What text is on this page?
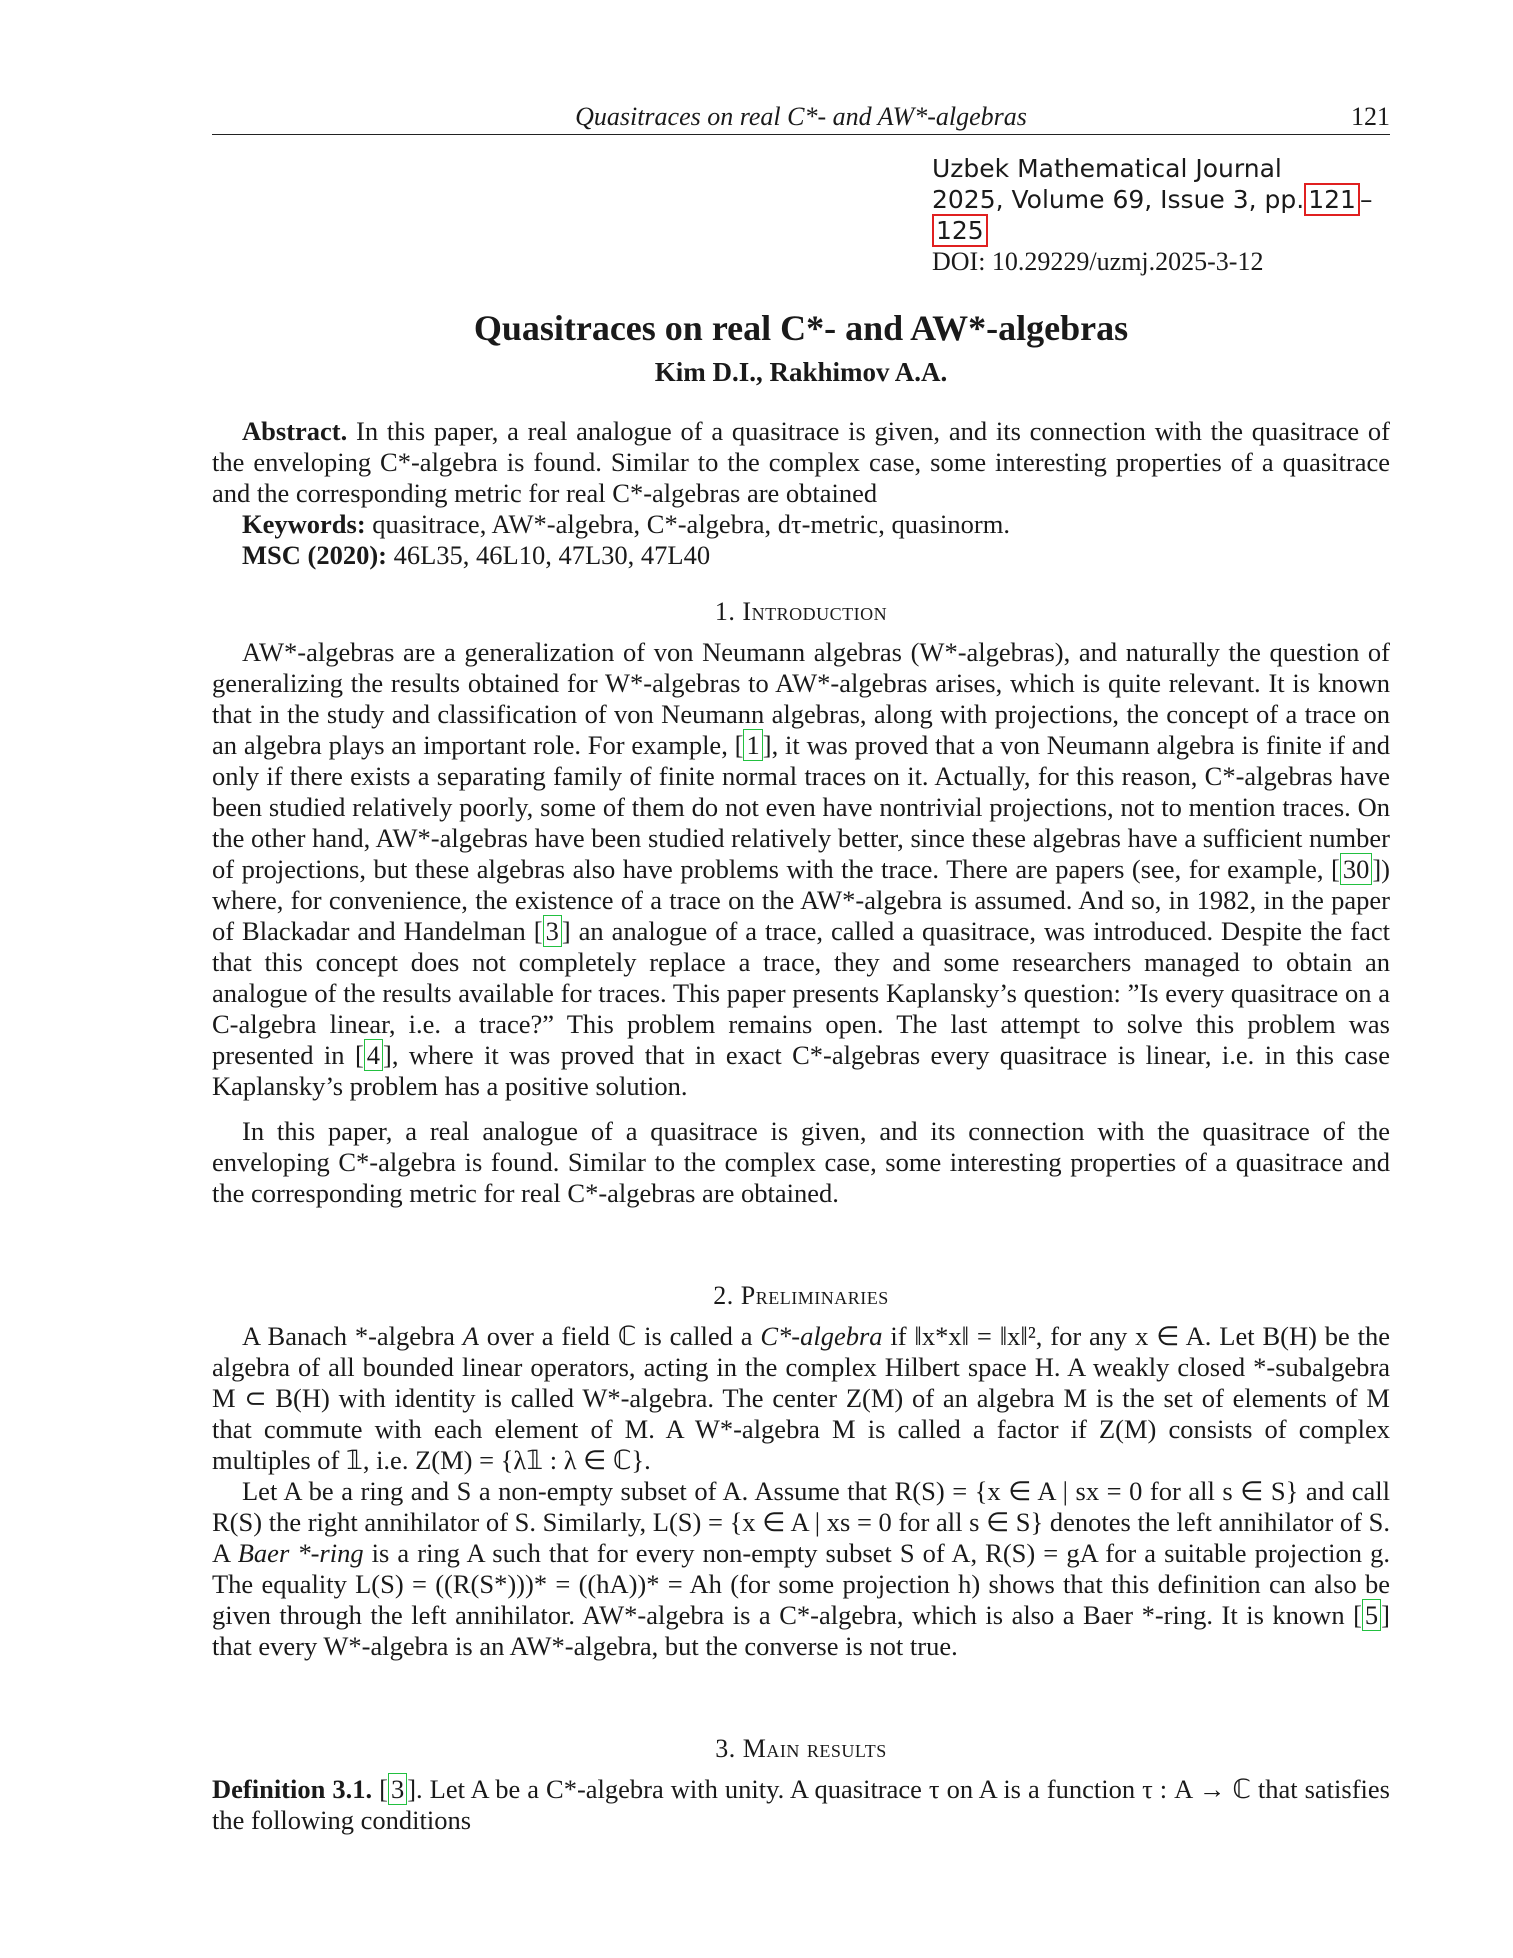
Quasitraces on real C*- and AW*-algebras	121
Uzbek Mathematical Journal
2025, Volume 69, Issue 3, pp. 121 –125
DOI: 10.29229/uzmj.2025-3-12
Quasitraces on real C*- and AW*-algebras
Kim D.I., Rakhimov A.A.

Abstract. In this paper, a real analogue of a quasitrace is given, and its connection with the quasitrace of the enveloping C*-algebra is found. Similar to the complex case, some interesting properties of a quasitrace and the corresponding metric for real C*-algebras are obtained

Keywords: quasitrace, AW*-algebra, C*-algebra, dτ-metric, quasinorm.
MSC (2020): 46L35, 46L10, 47L30, 47L40
1. Introduction

AW*-algebras are a generalization of von Neumann algebras (W*-algebras), and naturally the question of generalizing the results obtained for W*-algebras to AW*-algebras arises, which is quite relevant. It is known that in the study and classification of von Neumann algebras, along with projections, the concept of a trace on an algebra plays an important role. For example, [ 1 ], it was proved that a von Neumann algebra is finite if and only if there exists a separating family of finite normal traces on it. Actually, for this reason, C*-algebras have been studied relatively poorly, some of them do not even have nontrivial projections, not to mention traces. On the other hand, AW*-algebras have been studied relatively better, since these algebras have a sufficient number of projections, but these algebras also have problems with the trace. There are papers (see, for example, [ 30 ]) where, for convenience, the existence of a trace on the AW*-algebra is assumed. And so, in 1982, in the paper of Blackadar and Handelman [ 3 ] an analogue of a trace, called a quasitrace, was introduced. Despite the fact that this concept does not completely replace a trace, they and some researchers managed to obtain an analogue of the results available for traces. This paper presents Kaplansky’s question: ”Is every quasitrace on a C-algebra linear, i.e. a trace?” This problem remains open. The last attempt to solve this problem was presented in [ 4 ], where it was proved that in exact C*-algebras every quasitrace is linear, i.e. in this case Kaplansky’s problem has a positive solution.

In this paper, a real analogue of a quasitrace is given, and its connection with the quasitrace of the enveloping C*-algebra is found. Similar to the complex case, some interesting properties of a quasitrace and the corresponding metric for real C*-algebras are obtained.

2. Preliminaries

A Banach *-algebra A over a field ℂ is called a C*-algebra if ‖x*x‖ = ‖x‖², for any x ∈ A. Let B(H) be the algebra of all bounded linear operators, acting in the complex Hilbert space H. A weakly closed *-subalgebra M ⊂ B(H) with identity is called W*-algebra. The center Z(M) of an algebra M is the set of elements of M that commute with each element of M. A W*-algebra M is called a factor if Z(M) consists of complex multiples of 𝟙, i.e. Z(M) = {λ𝟙 : λ ∈ ℂ}.

Let A be a ring and S a non-empty subset of A. Assume that R(S) = {x ∈ A | sx = 0 for all s ∈ S} and call R(S) the right annihilator of S. Similarly, L(S) = {x ∈ A | xs = 0 for all s ∈ S} denotes the left annihilator of S. A Baer *-ring is a ring A such that for every non-empty subset S of A, R(S) = gA for a suitable projection g. The equality L(S) = ((R(S*)))* = ((hA))* = Ah (for some projection h) shows that this definition can also be given through the left annihilator. AW*-algebra is a C*-algebra, which is also a Baer *-ring. It is known [ 5 ] that every W*-algebra is an AW*-algebra, but the converse is not true.

3. Main results

Definition 3.1. [ 3 ]. Let A be a C*-algebra with unity. A quasitrace τ on A is a function τ : A → ℂ that satisfies the following conditions
